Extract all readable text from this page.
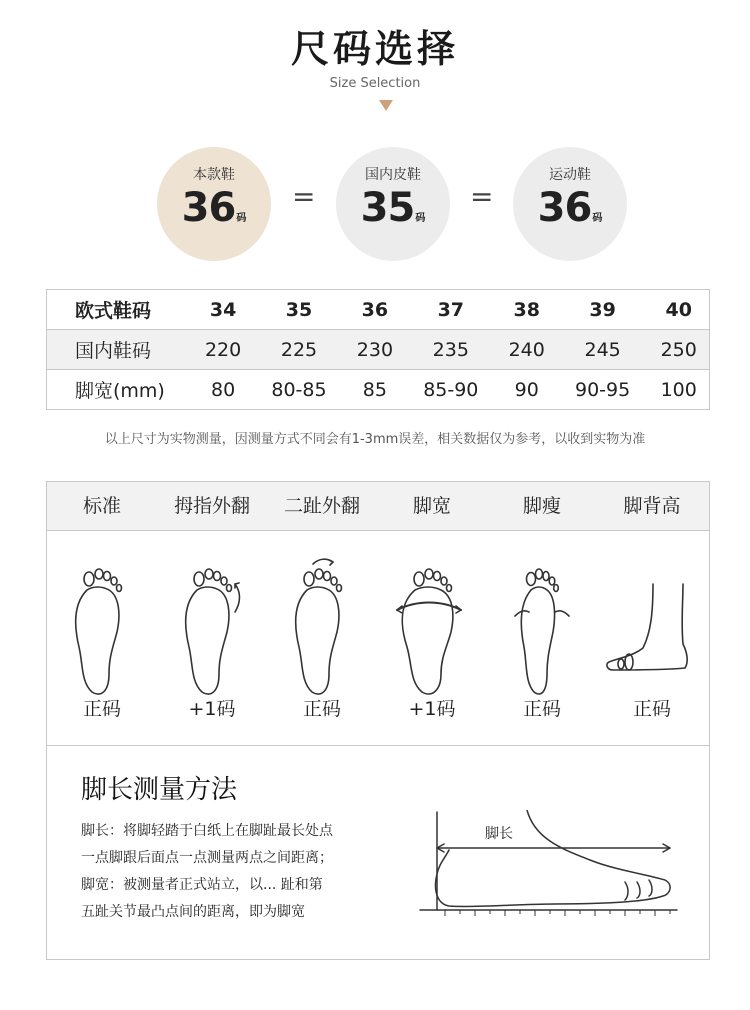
尺码选择
Size Selection
本款鞋
36码
=
国内皮鞋
35码
=
运动鞋
36码
欧式鞋码	34	35	36	37	38	39	40
国内鞋码	220	225	230	235	240	245	250
脚宽(mm)	80	80-85	85	85-90	90	90-95	100
以上尺寸为实物测量，因测量方式不同会有1-3mm误差，相关数据仅为参考，以收到实物为准
标准	拇指外翻	二趾外翻	脚宽	脚瘦	脚背高
正码	+1码	正码	+1码	正码	正码
脚长测量方法
脚长：将脚轻踏于白纸上在脚趾最长处点
一点脚跟后面点一点测量两点之间距离；
脚宽：被测量者正式站立，以... 趾和第
五趾关节最凸点间的距离，即为脚宽
脚长
